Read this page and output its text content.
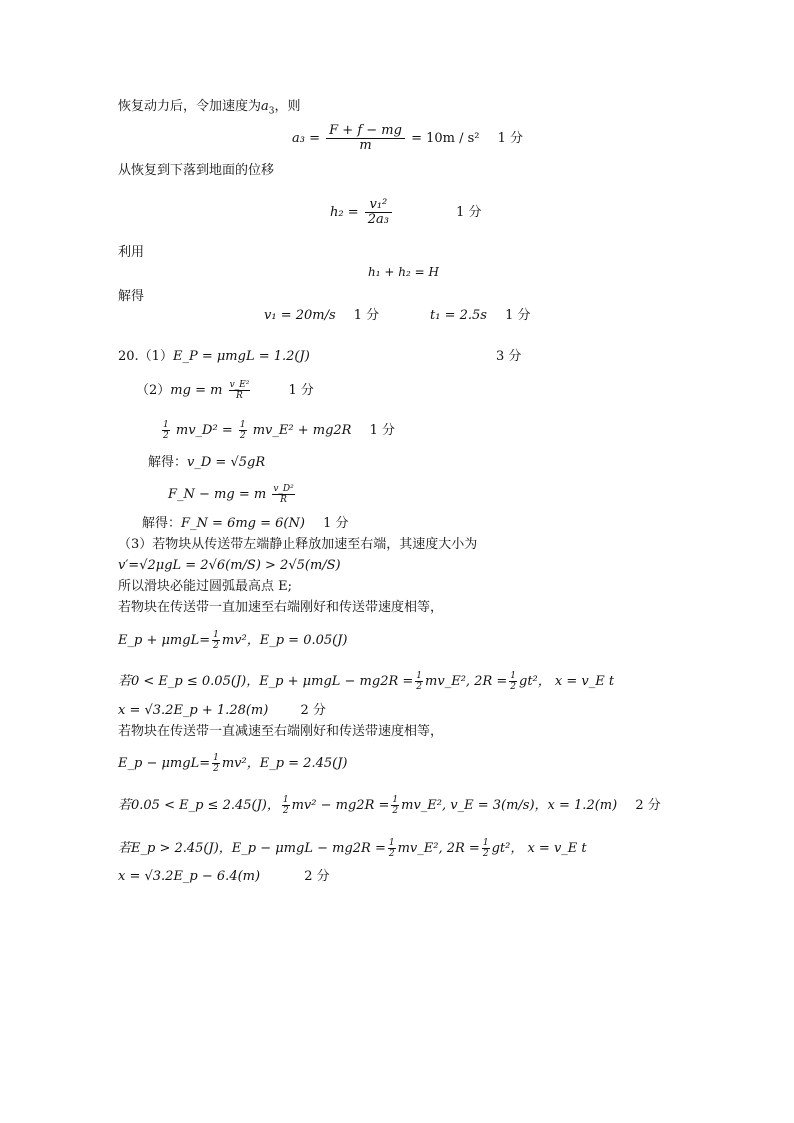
恢复动力后，令加速度为$a_3$，则
$a_3 = \frac{F + f - mg}{m} = 10m / s^2$ 1 分
从恢复到下落到地面的位移
$h_2 = \frac{\text{v₁²}}{\text{2a₃}}$	1 分
利用
h₁ + h₂ = H
解得
v₁ = 20m/s 1 分	t₁ = 2.5s 1 分
20.（1）E_P = μmgL = 1.2(J)	3 分
（2）mg = m $\frac{\text{v\_E²}}{R}$	1 分
$\frac{1}{2}$ mv_D² = $\frac{1}{2}$ mv_E² + mg2R 1 分
解得：v_D = √5gR
F_N − mg = m $\frac{\text{v\_D²}}{R}$
解得：F_N = 6mg = 6(N) 1 分
（3）若物块从传送带左端静止释放加速至右端，其速度大小为
v′=√2μgL = 2√6(m/S) > 2√5(m/S)
所以滑块必能过圆弧最高点 E;
若物块在传送带一直加速至右端刚好和传送带速度相等，
E_p + $\mu mgL= \frac{1}{2} mv^2$，E_p = 0.05(J)
若0 < E_p ≤ 0.05(J)，E_p + $\mu mgL - mg2R = \frac{1}{2}$ mv_E², $2R = \frac{1}{2} gt^2$， x = v_E t
x = √3.2E_p + 1.28(m) 2 分
若物块在传送带一直减速至右端刚好和传送带速度相等，
E_p − $\mu mgL= \frac{1}{2} mv^2$，E_p = 2.45(J)
若0.05 < E_p ≤ 2.45(J)， $\frac{1}{2} mv^2 - mg2R = \frac{1}{2}$ mv_E², v_E = 3(m/s)，x = 1.2(m) 2 分
若E_p > 2.45(J)，E_p − $\mu mgL - mg2R = \frac{1}{2}$ mv_E², $2R = \frac{1}{2} gt^2$， x = v_E t
x = √3.2E_p − 6.4(m)	2 分
